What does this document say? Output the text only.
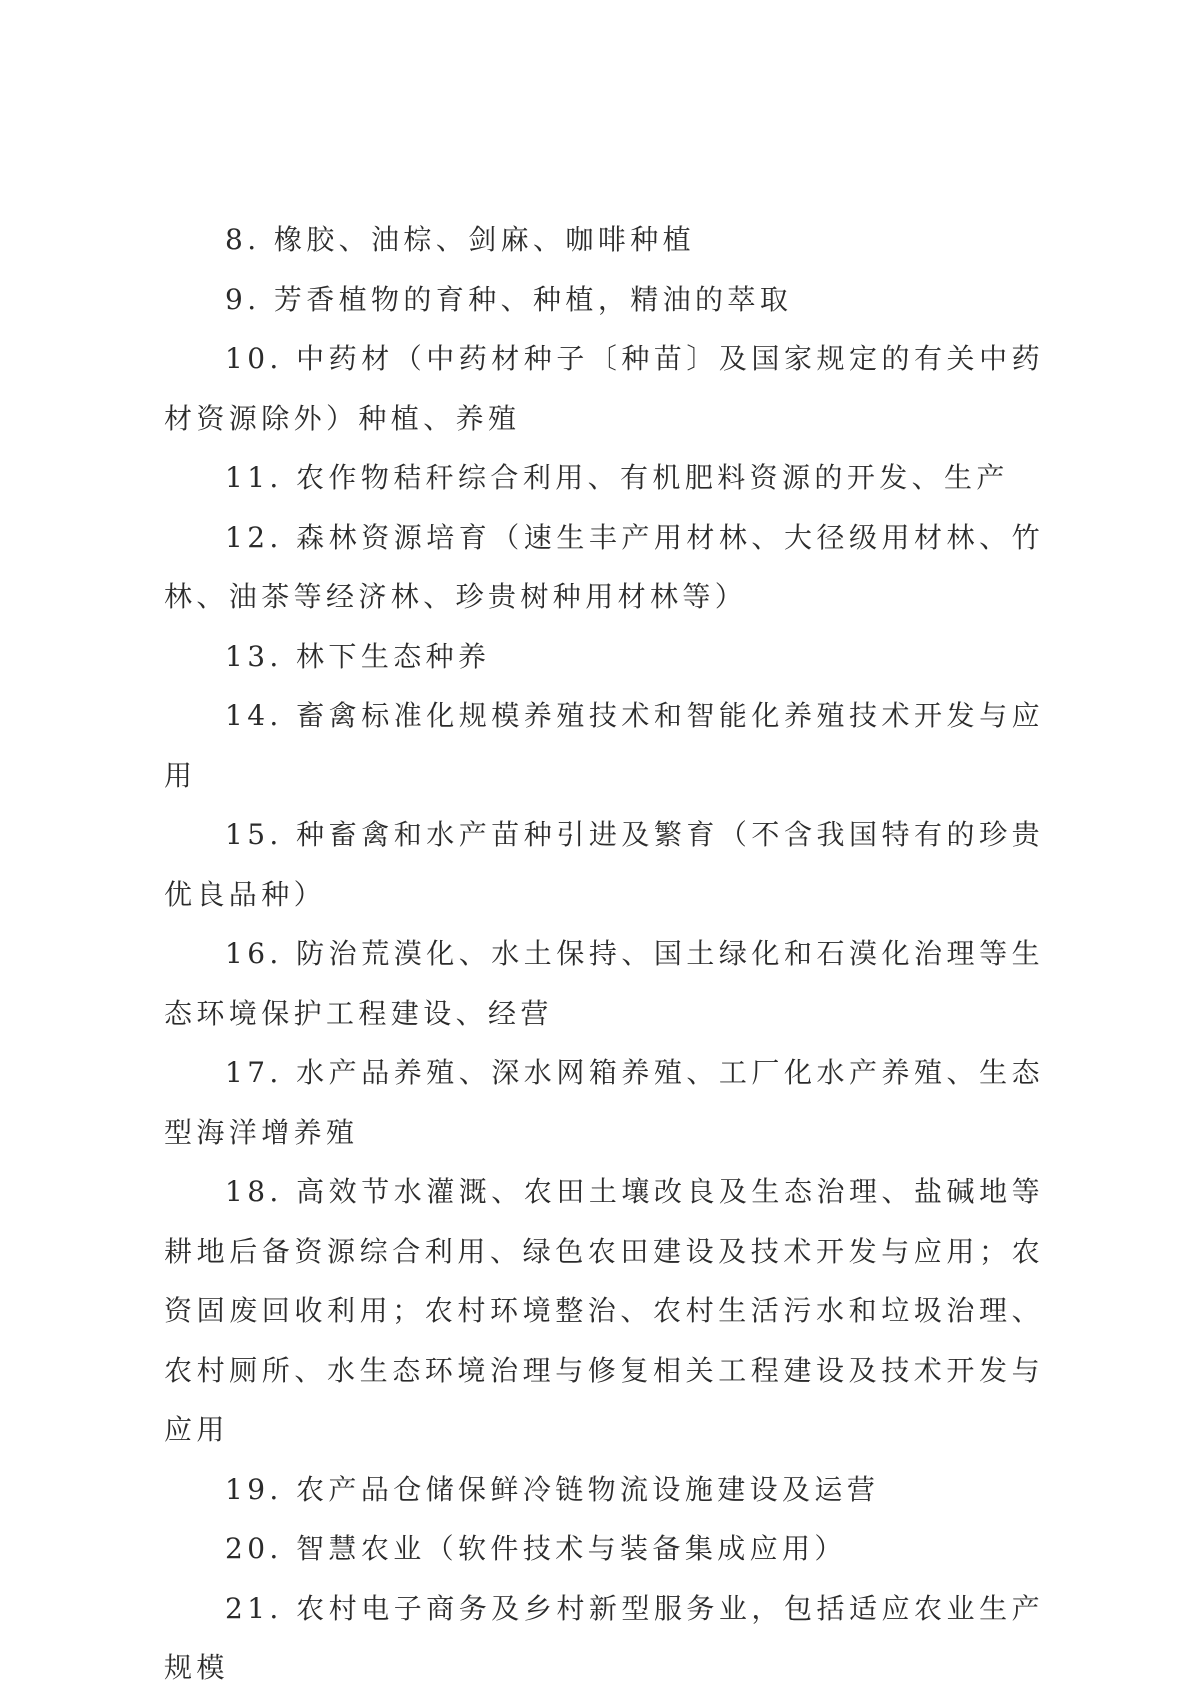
8. 橡胶、油棕、剑麻、咖啡种植

9. 芳香植物的育种、种植，精油的萃取

10. 中药材（中药材种子〔种苗〕及国家规定的有关中药材资源除外）种植、养殖

11. 农作物秸秆综合利用、有机肥料资源的开发、生产

12. 森林资源培育（速生丰产用材林、大径级用材林、竹林、油茶等经济林、珍贵树种用材林等）

13. 林下生态种养

14. 畜禽标准化规模养殖技术和智能化养殖技术开发与应用

15. 种畜禽和水产苗种引进及繁育（不含我国特有的珍贵优良品种）

16. 防治荒漠化、水土保持、国土绿化和石漠化治理等生态环境保护工程建设、经营

17. 水产品养殖、深水网箱养殖、工厂化水产养殖、生态型海洋增养殖

18. 高效节水灌溉、农田土壤改良及生态治理、盐碱地等耕地后备资源综合利用、绿色农田建设及技术开发与应用；农资固废回收利用；农村环境整治、农村生活污水和垃圾治理、农村厕所、水生态环境治理与修复相关工程建设及技术开发与应用

19. 农产品仓储保鲜冷链物流设施建设及运营

20. 智慧农业（软件技术与装备集成应用）

21. 农村电子商务及乡村新型服务业，包括适应农业生产规模
